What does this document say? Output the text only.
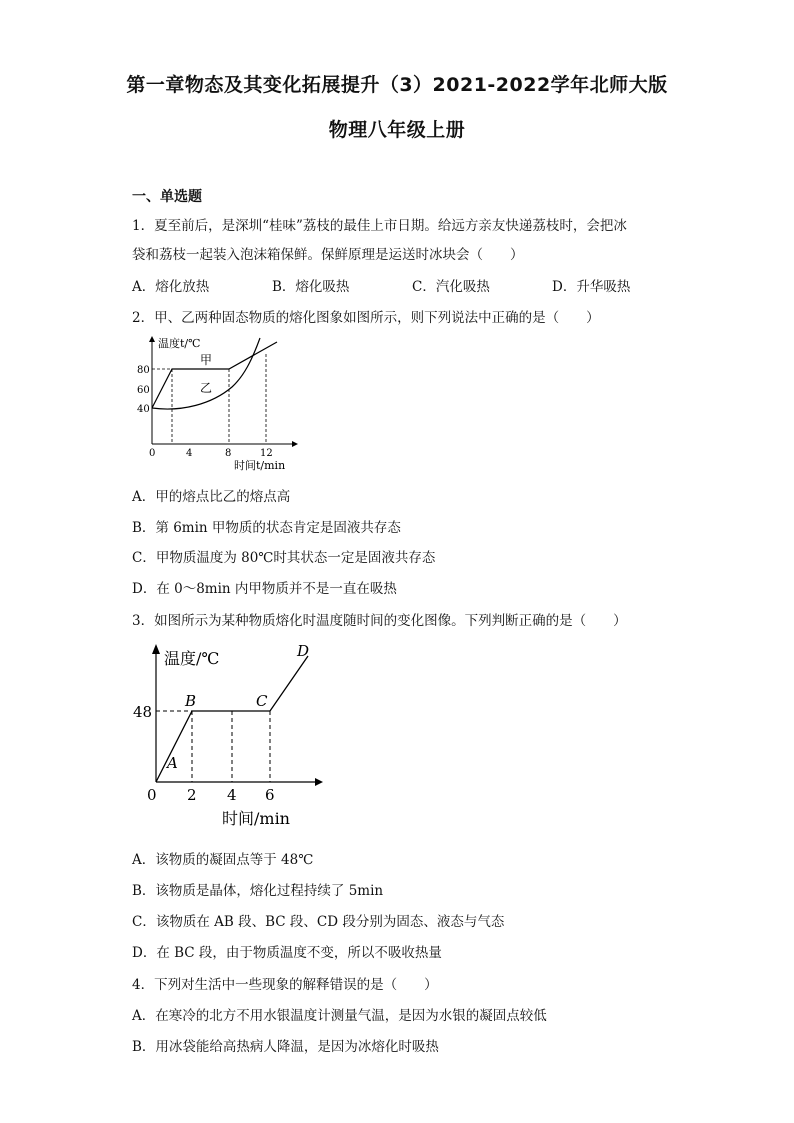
第一章物态及其变化拓展提升（3）2021-2022学年北师大版
物理八年级上册
一、单选题
1．夏至前后，是深圳“桂味”荔枝的最佳上市日期。给远方亲友快递荔枝时，会把冰
袋和荔枝一起装入泡沫箱保鲜。保鲜原理是运送时冰块会（　　）
A．熔化放热	B．熔化吸热	C．汽化吸热	D．升华吸热
2．甲、乙两种固态物质的熔化图象如图所示，则下列说法中正确的是（　　）
温度t/℃
时间t/min
80
60
40
0	4	8	12
甲
乙
A．甲的熔点比乙的熔点高
B．第 6min 甲物质的状态肯定是固液共存态
C．甲物质温度为 80℃时其状态一定是固液共存态
D．在 0～8min 内甲物质并不是一直在吸热
3．如图所示为某种物质熔化时温度随时间的变化图像。下列判断正确的是（　　）
温度/℃
时间/min
48
0 2 4 6
A
B	C
D
A．该物质的凝固点等于 48℃
B．该物质是晶体，熔化过程持续了 5min
C．该物质在 AB 段、BC 段、CD 段分别为固态、液态与气态
D．在 BC 段，由于物质温度不变，所以不吸收热量
4．下列对生活中一些现象的解释错误的是（　　）
A．在寒冷的北方不用水银温度计测量气温，是因为水银的凝固点较低
B．用冰袋能给高热病人降温，是因为冰熔化时吸热
